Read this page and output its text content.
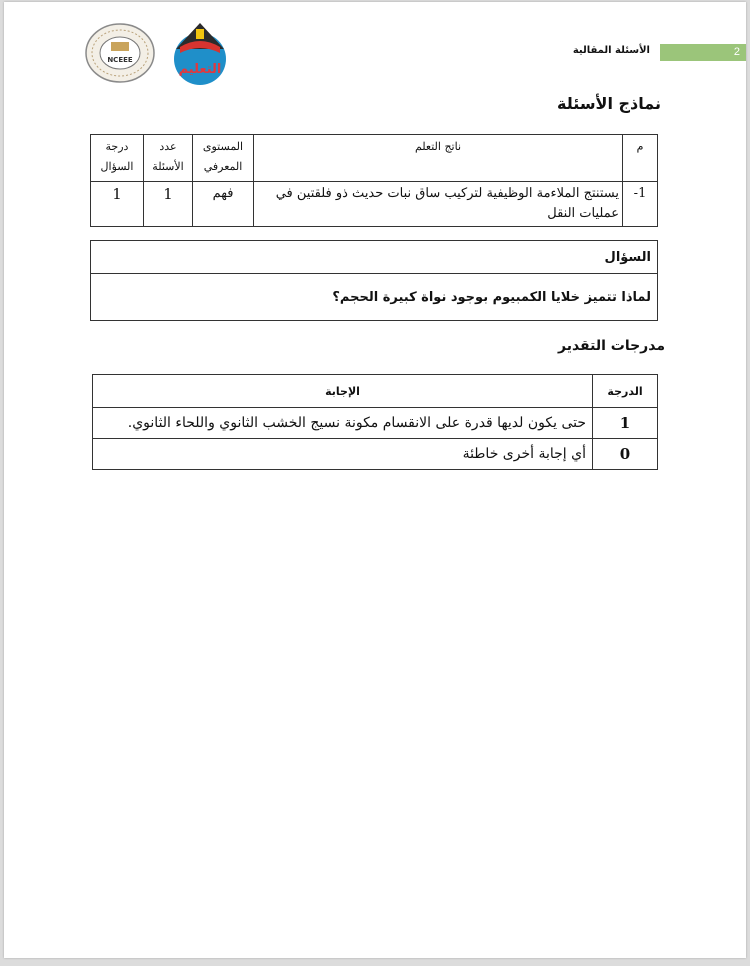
NCEEE
التعليم
الأسئلة المقالية	2
نماذج الأسئلة
م	ناتج التعلم	المستوى المعرفي	عدد الأسئلة	درجة السؤال
1-	يستنتج الملاءمة الوظيفية لتركيب ساق نبات حديث ذو فلقتين في عمليات النقل	فهم	1	1
السؤال
لماذا تتميز خلايا الكمبيوم بوجود نواة كبيرة الحجم؟
مدرجات التقدير
الدرجة	الإجابة
1	حتى يكون لديها قدرة على الانقسام مكونة نسيج الخشب الثانوي واللحاء الثانوي.
0	أي إجابة أخرى خاطئة
